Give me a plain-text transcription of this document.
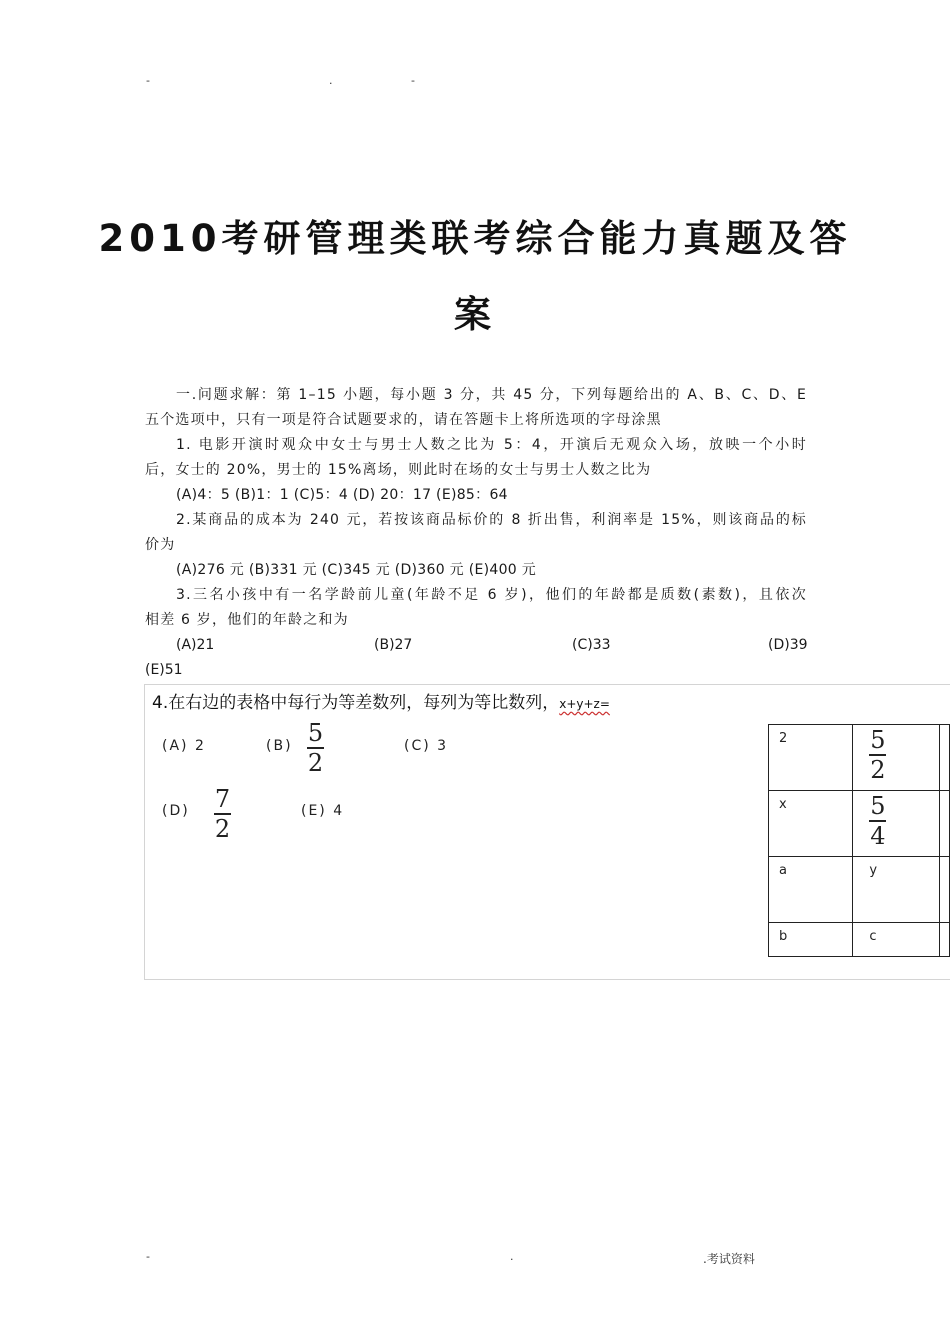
-	.	-
2010考研管理类联考综合能力真题及答
案
一.问题求解：第 1–15 小题，每小题 3 分，共 45 分，下列每题给出的 A、B、C、D、E
五个选项中，只有一项是符合试题要求的，请在答题卡上将所选项的字母涂黑
1. 电影开演时观众中女士与男士人数之比为 5：4，开演后无观众入场，放映一个小时
后，女士的 20%，男士的 15%离场，则此时在场的女士与男士人数之比为
(A)4：5 (B)1：1 (C)5：4 (D) 20：17 (E)85：64
2.某商品的成本为 240 元，若按该商品标价的 8 折出售，利润率是 15%，则该商品的标
价为
(A)276 元 (B)331 元 (C)345 元 (D)360 元 (E)400 元
3.三名小孩中有一名学龄前儿童(年龄不足 6 岁)，他们的年龄都是质数(素数)，且依次
相差 6 岁，他们的年龄之和为
(A)21	(B)27	(C)33	(D)39
(E)51
4.在右边的表格中每行为等差数列，每列为等比数列，x+y+z=
(A) 2	(B) 5
2
(C) 3
(D) 7
2
(E) 4
2	$\frac{5}{2}$

x	$\frac{5}{4}$

a	y	
b	c	
-	.	.考试资料
